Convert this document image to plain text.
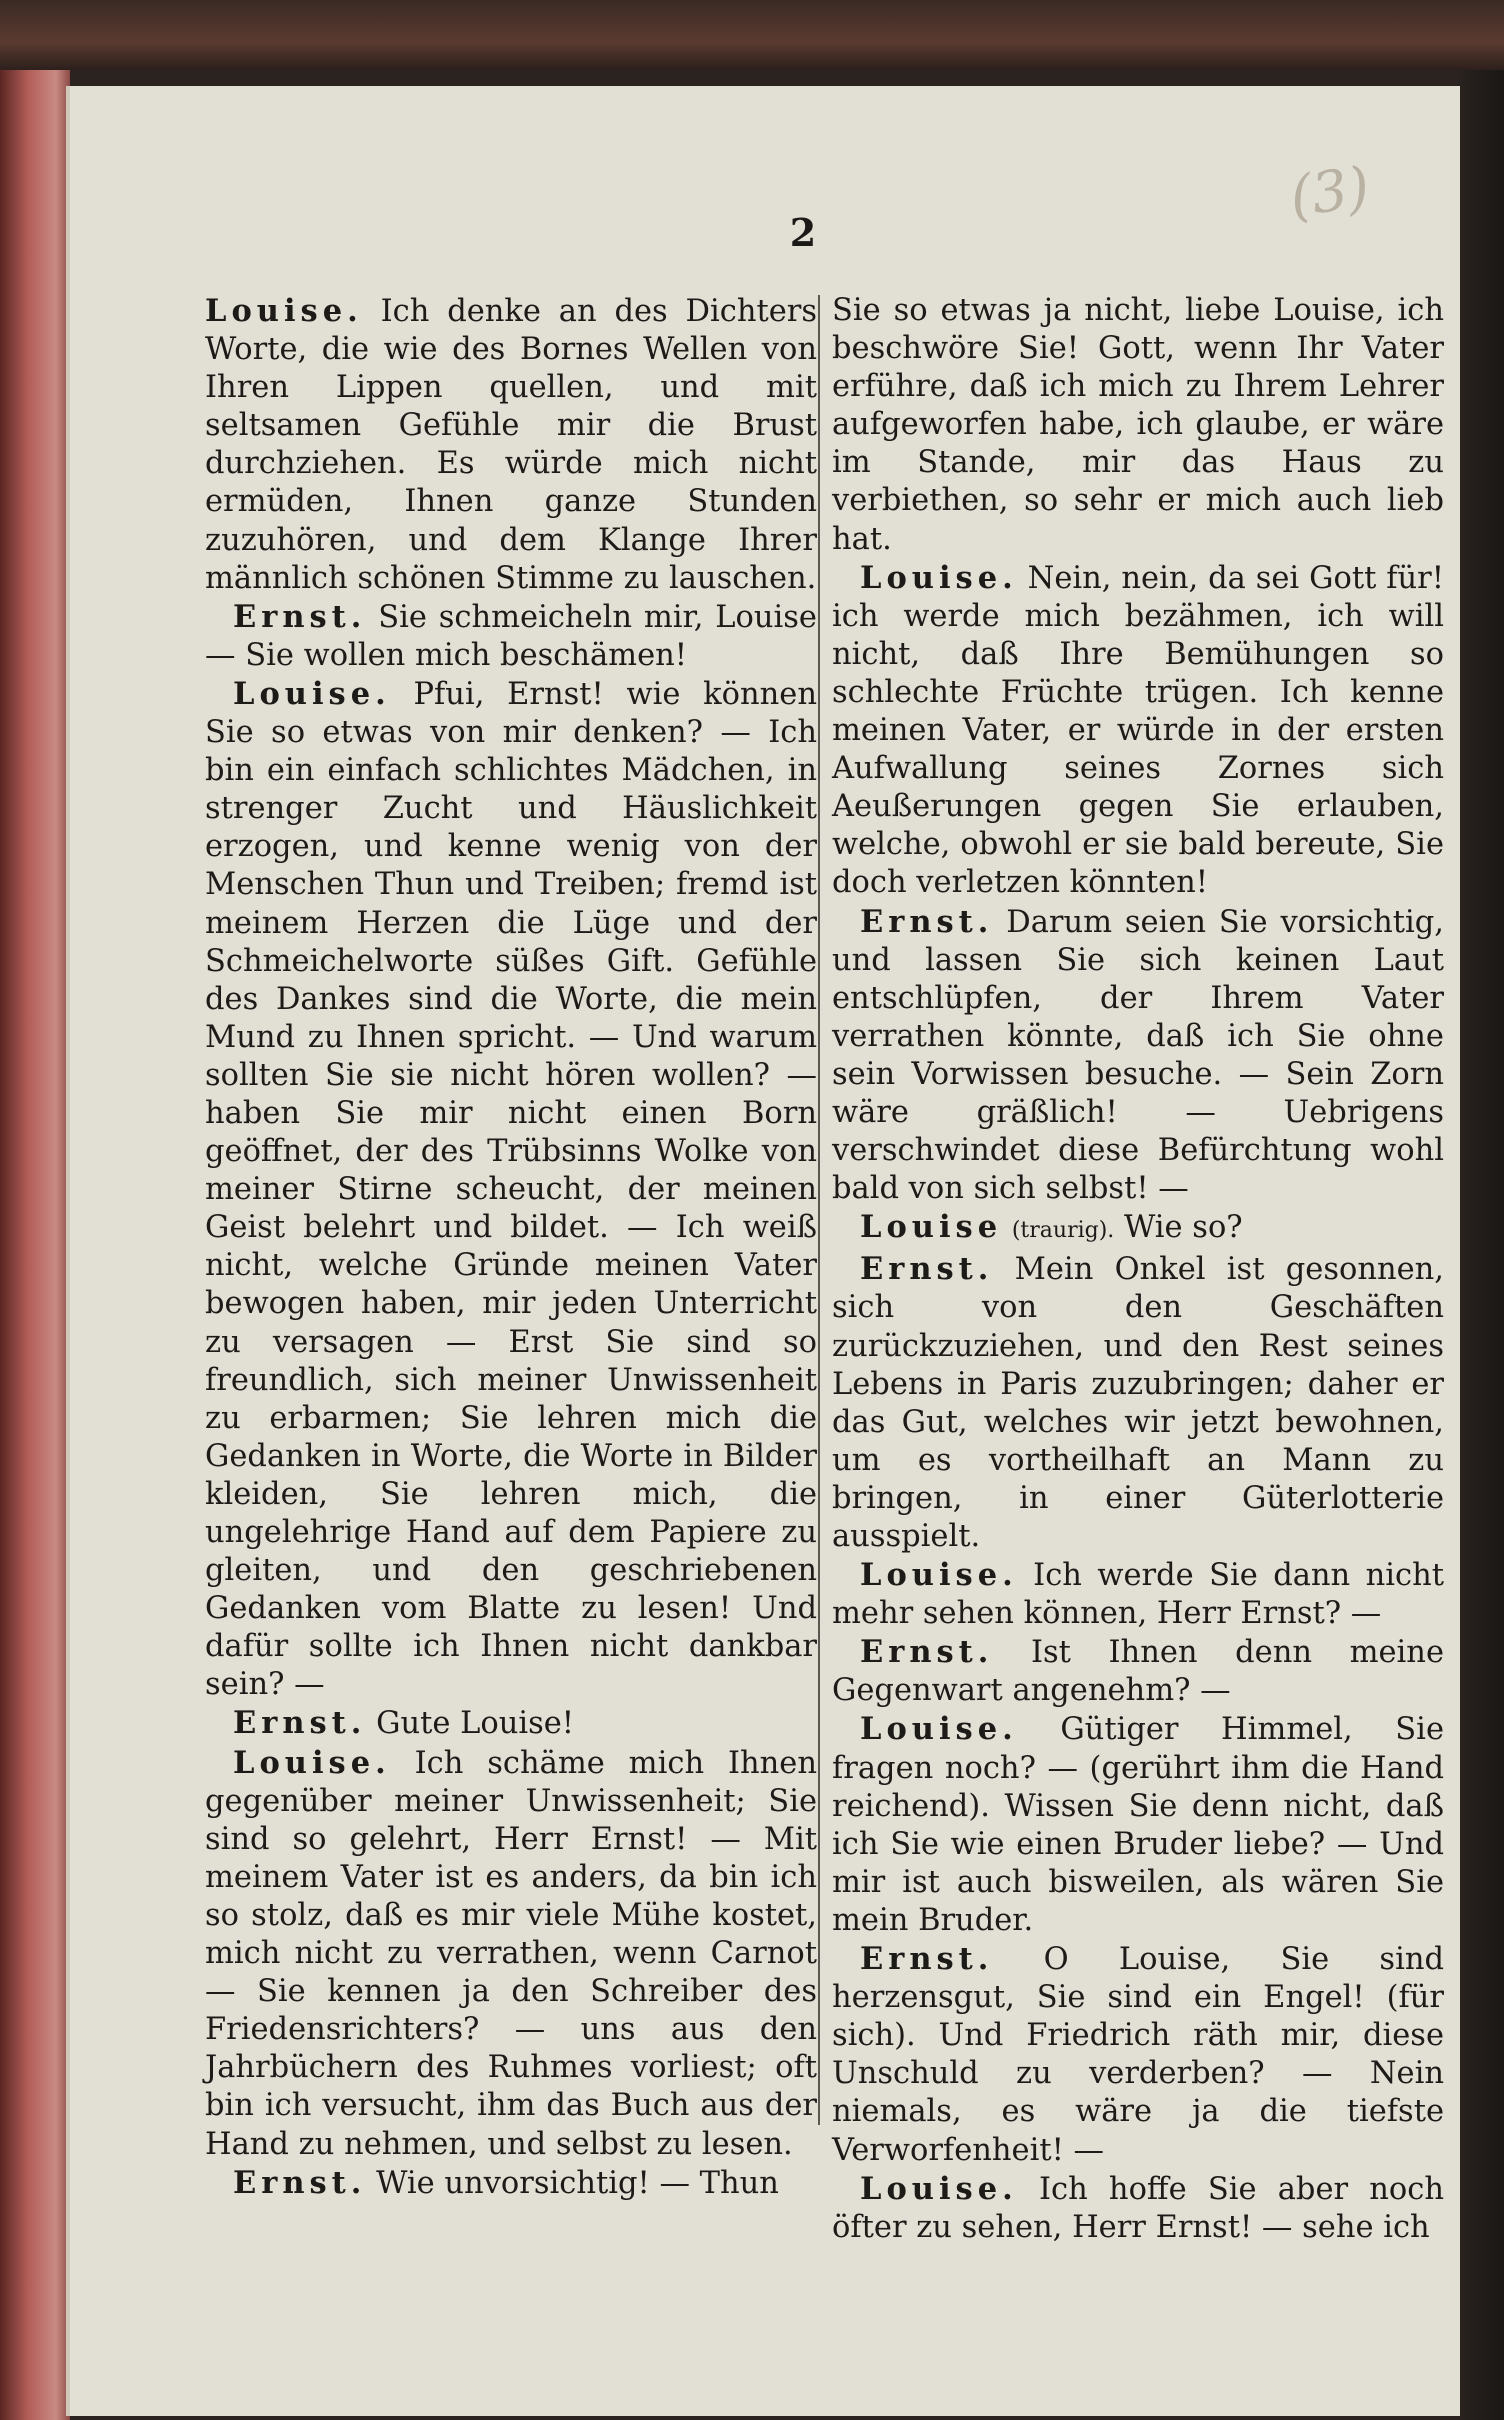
(3)
2

Louise. Ich denke an des Dichters Worte, die wie des Bornes Wellen von Ihren Lippen quellen, und mit seltsamen Gefühle mir die Brust durchziehen. Es würde mich nicht ermüden, Ihnen ganze Stunden zuzuhören, und dem Klange Ihrer männlich schönen Stimme zu lauschen.

Ernst. Sie schmeicheln mir, Louise — Sie wollen mich beschämen!

Louise. Pfui, Ernst! wie können Sie so etwas von mir denken? — Ich bin ein einfach schlichtes Mädchen, in strenger Zucht und Häuslichkeit erzogen, und kenne wenig von der Menschen Thun und Treiben; fremd ist meinem Herzen die Lüge und der Schmeichelworte süßes Gift. Gefühle des Dankes sind die Worte, die mein Mund zu Ihnen spricht. — Und warum sollten Sie sie nicht hören wollen? — haben Sie mir nicht einen Born geöffnet, der des Trübsinns Wolke von meiner Stirne scheucht, der meinen Geist belehrt und bildet. — Ich weiß nicht, welche Gründe meinen Vater bewogen haben, mir jeden Unterricht zu versagen — Erst Sie sind so freundlich, sich meiner Unwissenheit zu erbarmen; Sie lehren mich die Gedanken in Worte, die Worte in Bilder kleiden, Sie lehren mich, die ungelehrige Hand auf dem Papiere zu gleiten, und den geschriebenen Gedanken vom Blatte zu lesen! Und dafür sollte ich Ihnen nicht dankbar sein? —

Ernst. Gute Louise!

Louise. Ich schäme mich Ihnen gegenüber meiner Unwissenheit; Sie sind so gelehrt, Herr Ernst! — Mit meinem Vater ist es anders, da bin ich so stolz, daß es mir viele Mühe kostet, mich nicht zu verrathen, wenn Carnot — Sie kennen ja den Schreiber des Friedensrichters? — uns aus den Jahrbüchern des Ruhmes vorliest; oft bin ich versucht, ihm das Buch aus der Hand zu nehmen, und selbst zu lesen.

Ernst. Wie unvorsichtig! — Thun

Sie so etwas ja nicht, liebe Louise, ich beschwöre Sie! Gott, wenn Ihr Vater erführe, daß ich mich zu Ihrem Lehrer aufgeworfen habe, ich glaube, er wäre im Stande, mir das Haus zu verbiethen, so sehr er mich auch lieb hat.

Louise. Nein, nein, da sei Gott für! ich werde mich bezähmen, ich will nicht, daß Ihre Bemühungen so schlechte Früchte trügen. Ich kenne meinen Vater, er würde in der ersten Aufwallung seines Zornes sich Aeußerungen gegen Sie erlauben, welche, obwohl er sie bald bereute, Sie doch verletzen könnten!

Ernst. Darum seien Sie vorsichtig, und lassen Sie sich keinen Laut entschlüpfen, der Ihrem Vater verrathen könnte, daß ich Sie ohne sein Vorwissen besuche. — Sein Zorn wäre gräßlich! — Uebrigens verschwindet diese Befürchtung wohl bald von sich selbst! —

Louise (traurig). Wie so?

Ernst. Mein Onkel ist gesonnen, sich von den Geschäften zurückzuziehen, und den Rest seines Lebens in Paris zuzubringen; daher er das Gut, welches wir jetzt bewohnen, um es vortheilhaft an Mann zu bringen, in einer Güterlotterie ausspielt.

Louise. Ich werde Sie dann nicht mehr sehen können, Herr Ernst? —

Ernst. Ist Ihnen denn meine Gegenwart angenehm? —

Louise. Gütiger Himmel, Sie fragen noch? — (gerührt ihm die Hand reichend). Wissen Sie denn nicht, daß ich Sie wie einen Bruder liebe? — Und mir ist auch bisweilen, als wären Sie mein Bruder.

Ernst. O Louise, Sie sind herzensgut, Sie sind ein Engel! (für sich). Und Friedrich räth mir, diese Unschuld zu verderben? — Nein niemals, es wäre ja die tiefste Verworfenheit! —

Louise. Ich hoffe Sie aber noch öfter zu sehen, Herr Ernst! — sehe ich
